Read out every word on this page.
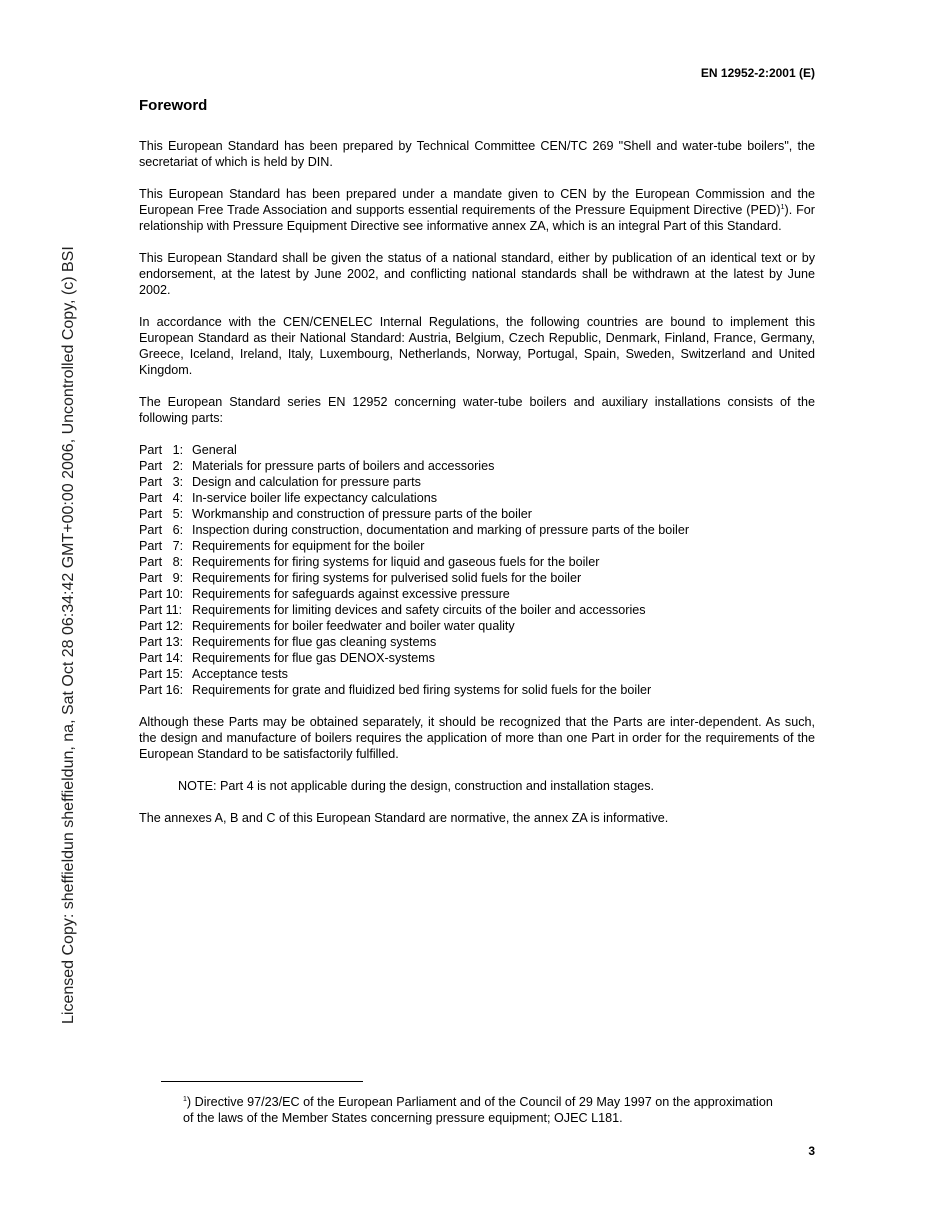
EN 12952-2:2001 (E)
Licensed Copy: sheffieldun sheffieldun, na, Sat Oct 28 06:34:42 GMT+00:00 2006, Uncontrolled Copy, (c) BSI
Foreword

This European Standard has been prepared by Technical Committee CEN/TC 269 "Shell and water-tube boilers", the secretariat of which is held by DIN.

This European Standard has been prepared under a mandate given to CEN by the European Commission and the European Free Trade Association and supports essential requirements of the Pressure Equipment Directive (PED)$^1$). For relationship with Pressure Equipment Directive see informative annex ZA, which is an integral Part of this Standard.

This European Standard shall be given the status of a national standard, either by publication of an identical text or by endorsement, at the latest by June 2002, and conflicting national standards shall be withdrawn at the latest by June 2002.

In accordance with the CEN/CENELEC Internal Regulations, the following countries are bound to implement this European Standard as their National Standard: Austria, Belgium, Czech Republic, Denmark, Finland, France, Germany, Greece, Iceland, Ireland, Italy, Luxembourg, Netherlands, Norway, Portugal, Spain, Sweden, Switzerland and United Kingdom.

The European Standard series EN 12952 concerning water-tube boilers and auxiliary installations consists of the following parts:

Part   1: General
Part   2: Materials for pressure parts of boilers and accessories
Part   3: Design and calculation for pressure parts
Part   4: In-service boiler life expectancy calculations
Part   5: Workmanship and construction of pressure parts of the boiler
Part   6: Inspection during construction, documentation and marking of pressure parts of the boiler
Part   7: Requirements for equipment for the boiler
Part   8: Requirements for firing systems for liquid and gaseous fuels for the boiler
Part   9: Requirements for firing systems for pulverised solid fuels for the boiler
Part 10: Requirements for safeguards against excessive pressure
Part 11: Requirements for limiting devices and safety circuits of the boiler and accessories
Part 12: Requirements for boiler feedwater and boiler water quality
Part 13: Requirements for flue gas cleaning systems
Part 14: Requirements for flue gas DENOX-systems
Part 15: Acceptance tests
Part 16: Requirements for grate and fluidized bed firing systems for solid fuels for the boiler

Although these Parts may be obtained separately, it should be recognized that the Parts are inter-dependent. As such, the design and manufacture of boilers requires the application of more than one Part in order for the requirements of the European Standard to be satisfactorily fulfilled.

NOTE: Part 4 is not applicable during the design, construction and installation stages.

The annexes A, B and C of this European Standard are normative, the annex ZA is informative.

$^1$) Directive 97/23/EC of the European Parliament and of the Council of 29 May 1997 on the approximation of the laws of the Member States concerning pressure equipment; OJEC L181.
3
